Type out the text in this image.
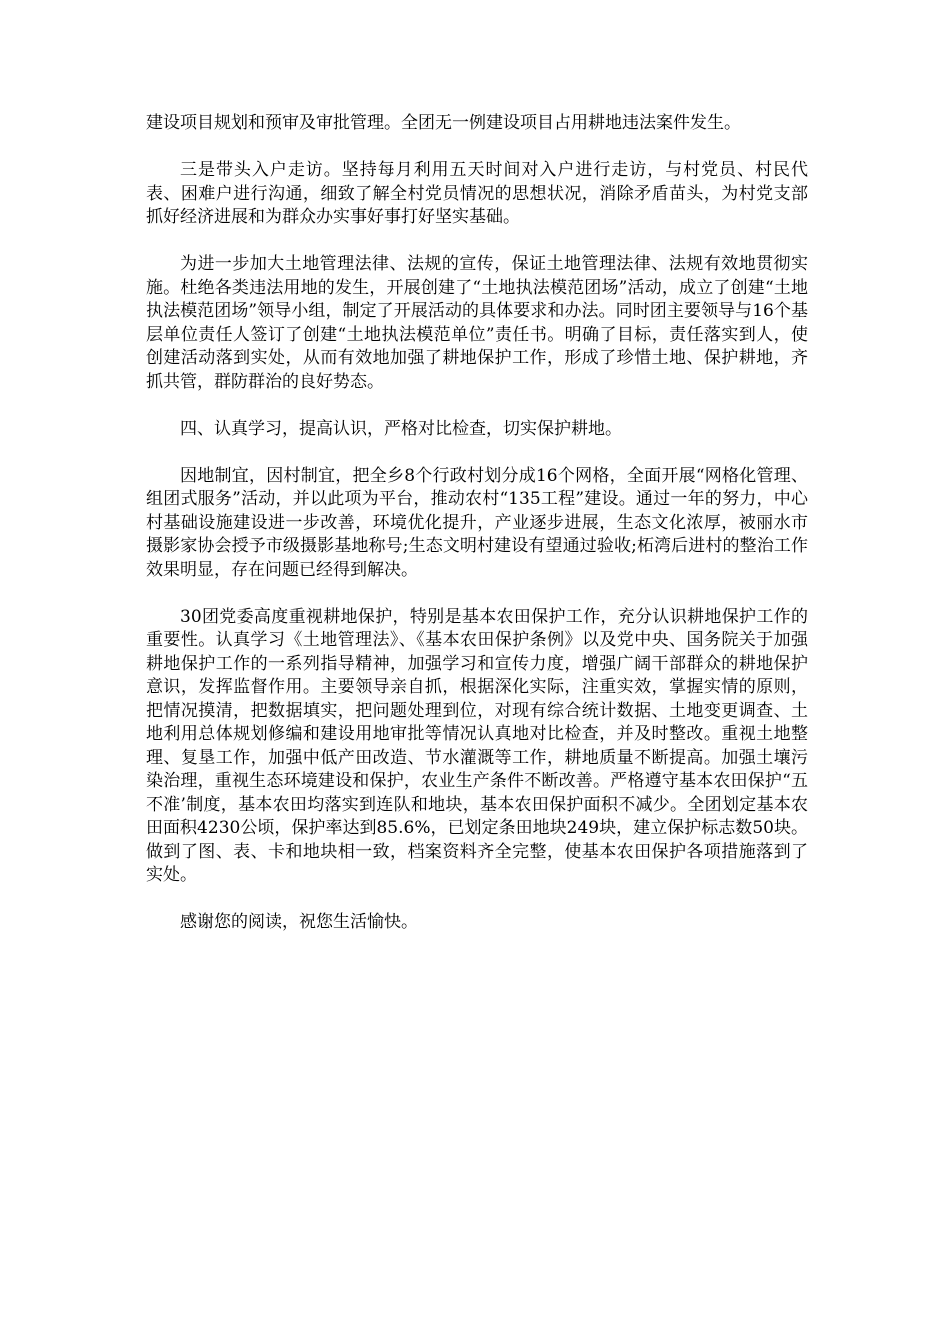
建设项目规划和预审及审批管理。全团无一例建设项目占用耕地违法案件发生。

三是带头入户走访。坚持每月利用五天时间对入户进行走访，与村党员、村民代表、困难户进行沟通，细致了解全村党员情况的思想状况，消除矛盾苗头，为村党支部抓好经济进展和为群众办实事好事打好坚实基础。

为进一步加大土地管理法律、法规的宣传，保证土地管理法律、法规有效地贯彻实施。杜绝各类违法用地的发生，开展创建了“土地执法模范团场”活动，成立了创建“土地执法模范团场”领导小组，制定了开展活动的具体要求和办法。同时团主要领导与16个基层单位责任人签订了创建“土地执法模范单位”责任书。明确了目标，责任落实到人，使创建活动落到实处，从而有效地加强了耕地保护工作，形成了珍惜土地、保护耕地，齐抓共管，群防群治的良好势态。

四、认真学习，提高认识，严格对比检查，切实保护耕地。

因地制宜，因村制宜，把全乡8个行政村划分成16个网格，全面开展“网格化管理、组团式服务”活动，并以此项为平台，推动农村“135工程”建设。通过一年的努力，中心村基础设施建设进一步改善，环境优化提升，产业逐步进展，生态文化浓厚，被丽水市摄影家协会授予市级摄影基地称号;生态文明村建设有望通过验收;柘湾后进村的整治工作效果明显，存在问题已经得到解决。

30团党委高度重视耕地保护，特别是基本农田保护工作，充分认识耕地保护工作的重要性。认真学习《土地管理法》、《基本农田保护条例》以及党中央、国务院关于加强耕地保护工作的一系列指导精神，加强学习和宣传力度，增强广阔干部群众的耕地保护意识，发挥监督作用。主要领导亲自抓，根据深化实际，注重实效，掌握实情的原则，把情况摸清，把数据填实，把问题处理到位，对现有综合统计数据、土地变更调查、土地利用总体规划修编和建设用地审批等情况认真地对比检查，并及时整改。重视土地整理、复垦工作，加强中低产田改造、节水灌溉等工作，耕地质量不断提高。加强土壤污染治理，重视生态环境建设和保护，农业生产条件不断改善。严格遵守基本农田保护“五不准’制度，基本农田均落实到连队和地块，基本农田保护面积不减少。全团划定基本农田面积4230公顷，保护率达到85.6%，已划定条田地块249块，建立保护标志数50块。做到了图、表、卡和地块相一致，档案资料齐全完整，使基本农田保护各项措施落到了实处。

感谢您的阅读，祝您生活愉快。
